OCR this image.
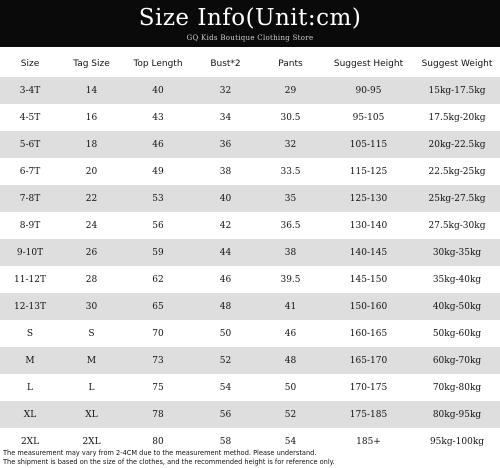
Size Info(Unit:cm)
GQ Kids Boutique Clothing Store
Size	Tag Size	Top Length	Bust*2	Pants	Suggest Height	Suggest Weight
3-4T	14	40	32	29	90-95	15kg-17.5kg
4-5T	16	43	34	30.5	95-105	17.5kg-20kg
5-6T	18	46	36	32	105-115	20kg-22.5kg
6-7T	20	49	38	33.5	115-125	22.5kg-25kg
7-8T	22	53	40	35	125-130	25kg-27.5kg
8-9T	24	56	42	36.5	130-140	27.5kg-30kg
9-10T	26	59	44	38	140-145	30kg-35kg
11-12T	28	62	46	39.5	145-150	35kg-40kg
12-13T	30	65	48	41	150-160	40kg-50kg
S	S	70	50	46	160-165	50kg-60kg
M	M	73	52	48	165-170	60kg-70kg
L	L	75	54	50	170-175	70kg-80kg
XL	XL	78	56	52	175-185	80kg-95kg
2XL	2XL	80	58	54	185+	95kg-100kg
The measurement may vary from 2-4CM due to the measurement method. Please understand.
The shipment is based on the size of the clothes, and the recommended height is for reference only.
